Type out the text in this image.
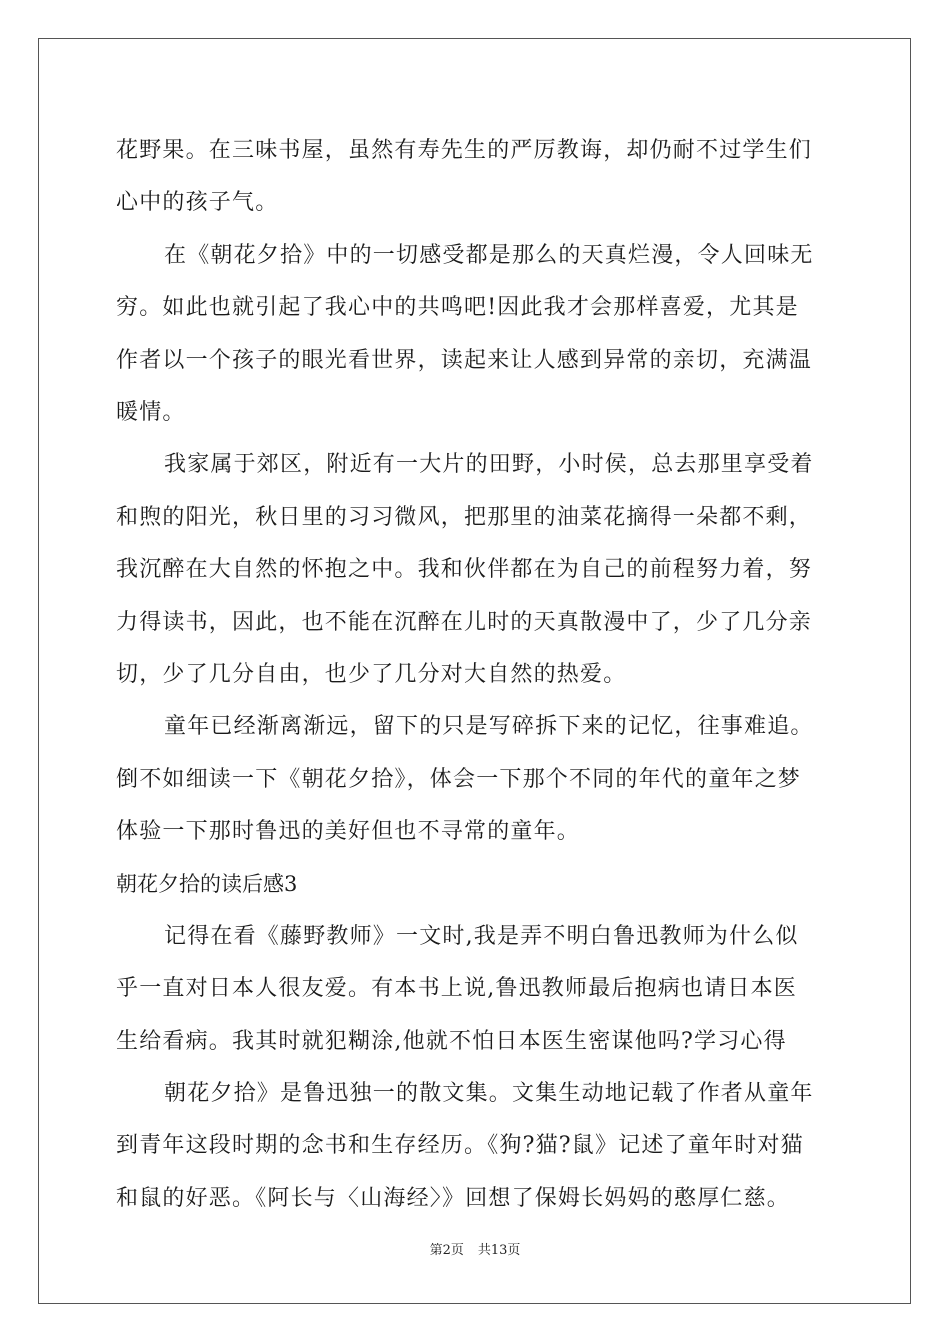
花野果。在三味书屋，虽然有寿先生的严厉教诲，却仍耐不过学生们
心中的孩子气。
在《朝花夕拾》中的一切感受都是那么的天真烂漫，令人回味无
穷。如此也就引起了我心中的共鸣吧!因此我才会那样喜爱，尤其是
作者以一个孩子的眼光看世界，读起来让人感到异常的亲切，充满温
暖情。
我家属于郊区，附近有一大片的田野，小时侯，总去那里享受着
和煦的阳光，秋日里的习习微风，把那里的油菜花摘得一朵都不剩，
我沉醉在大自然的怀抱之中。我和伙伴都在为自己的前程努力着，努
力得读书，因此，也不能在沉醉在儿时的天真散漫中了，少了几分亲
切，少了几分自由，也少了几分对大自然的热爱。
童年已经渐离渐远，留下的只是写碎拆下来的记忆，往事难追。
倒不如细读一下《朝花夕拾》，体会一下那个不同的年代的童年之梦
体验一下那时鲁迅的美好但也不寻常的童年。
朝花夕拾的读后感3
记得在看《藤野教师》一文时,我是弄不明白鲁迅教师为什么似
乎一直对日本人很友爱。有本书上说,鲁迅教师最后抱病也请日本医
生给看病。我其时就犯糊涂,他就不怕日本医生密谋他吗?学习心得
朝花夕拾》是鲁迅独一的散文集。文集生动地记载了作者从童年
到青年这段时期的念书和生存经历。《狗?猫?鼠》记述了童年时对猫
和鼠的好恶。《阿长与〈山海经〉》回想了保姆长妈妈的憨厚仁慈。
第2页 共13页
